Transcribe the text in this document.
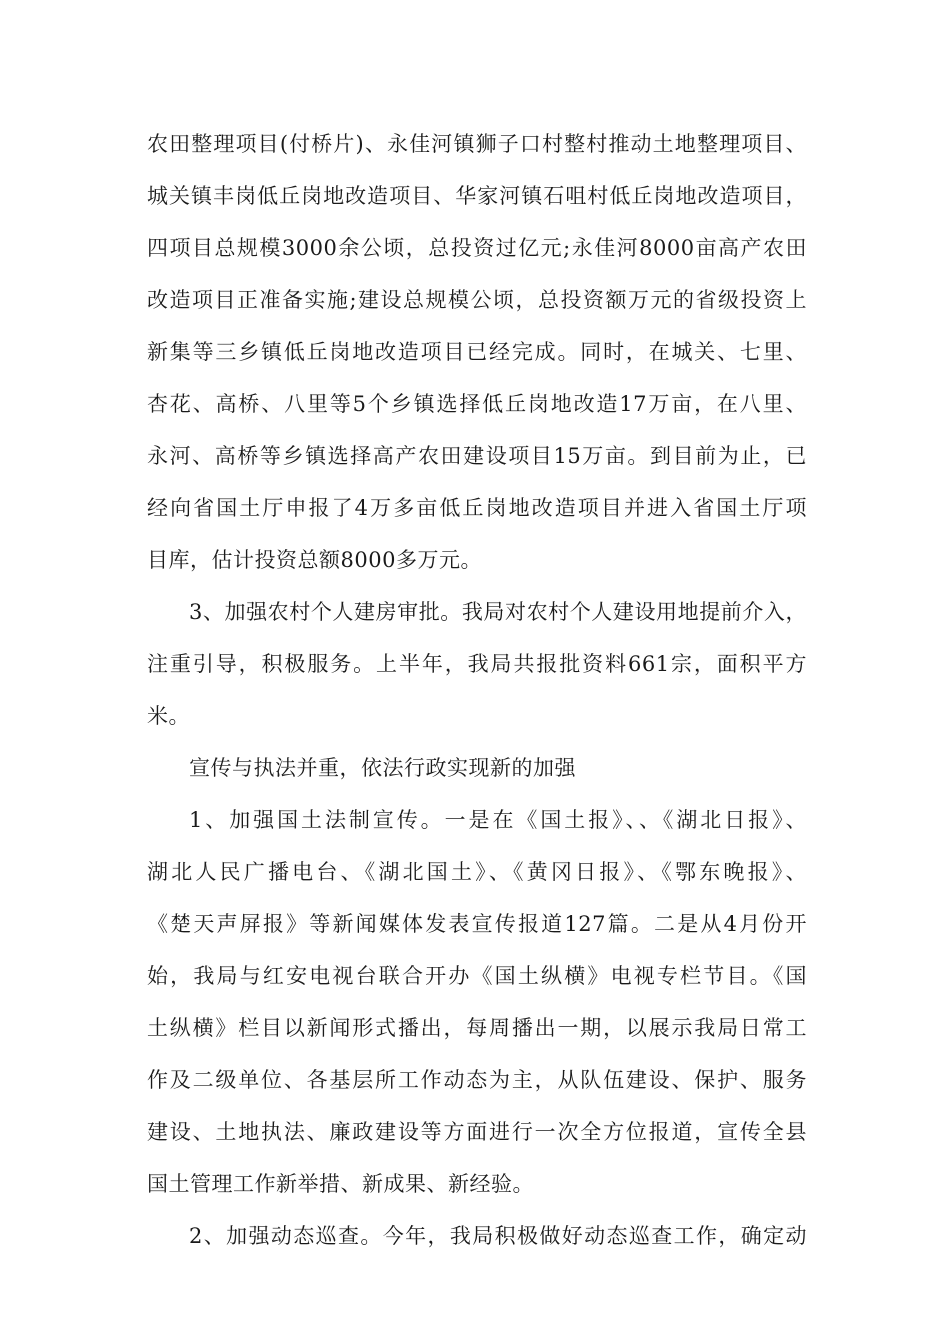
农田整理项目(付桥片)、永佳河镇狮子口村整村推动土地整理项目、
城关镇丰岗低丘岗地改造项目、华家河镇石咀村低丘岗地改造项目，
四项目总规模3000余公顷，总投资过亿元;永佳河8000亩高产农田
改造项目正准备实施;建设总规模公顷，总投资额万元的省级投资上
新集等三乡镇低丘岗地改造项目已经完成。同时，在城关、七里、
杏花、高桥、八里等5个乡镇选择低丘岗地改造17万亩，在八里、
永河、高桥等乡镇选择高产农田建设项目15万亩。到目前为止，已
经向省国土厅申报了4万多亩低丘岗地改造项目并进入省国土厅项
目库，估计投资总额8000多万元。
3、加强农村个人建房审批。我局对农村个人建设用地提前介入，
注重引导，积极服务。上半年，我局共报批资料661宗，面积平方
米。
宣传与执法并重，依法行政实现新的加强
1、加强国土法制宣传。一是在《国土报》、、《湖北日报》、
湖北人民广播电台、《湖北国土》、《黄冈日报》、《鄂东晚报》、
《楚天声屏报》等新闻媒体发表宣传报道127篇。二是从4月份开
始，我局与红安电视台联合开办《国土纵横》电视专栏节目。《国
土纵横》栏目以新闻形式播出，每周播出一期，以展示我局日常工
作及二级单位、各基层所工作动态为主，从队伍建设、保护、服务
建设、土地执法、廉政建设等方面进行一次全方位报道，宣传全县
国土管理工作新举措、新成果、新经验。
2、加强动态巡查。今年，我局积极做好动态巡查工作，确定动
